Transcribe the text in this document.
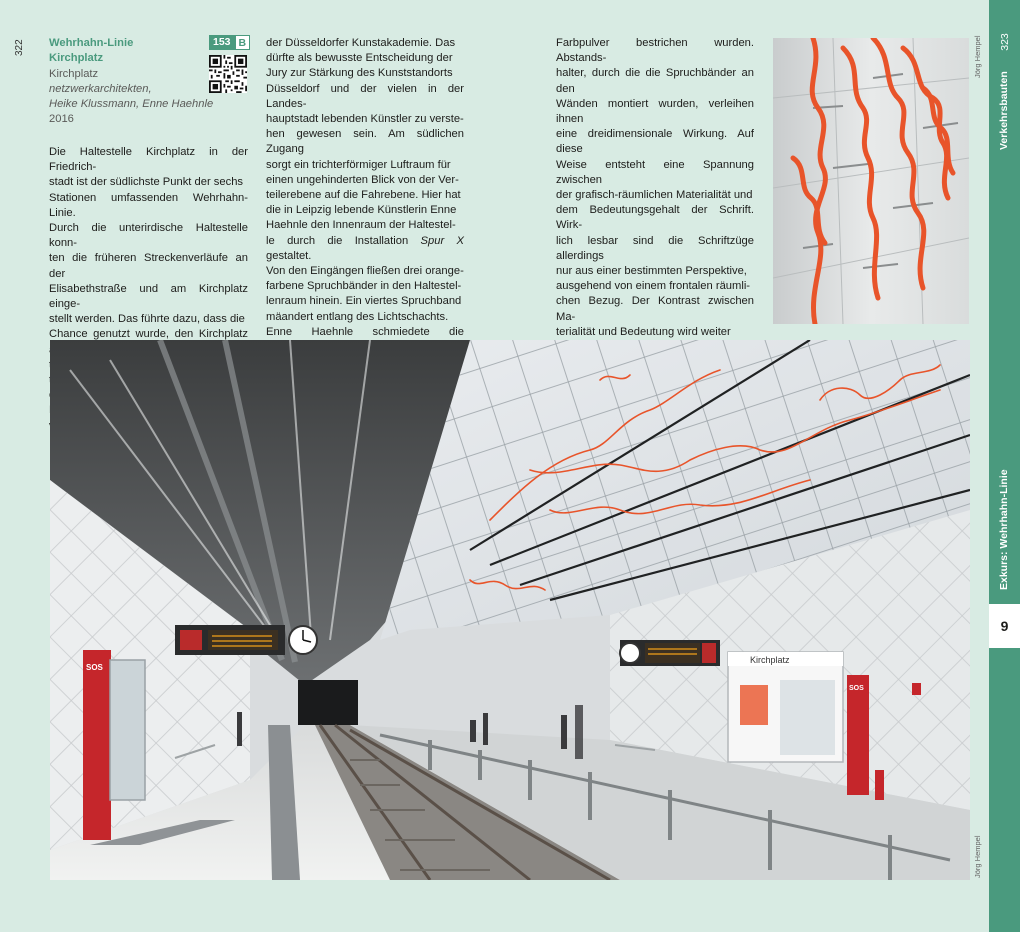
322 Wehrhahn-Linie
Kirchplatz
Kirchplatz
netzwerkarchitekten,
Heike Klussmann, Enne Haehnle
2016
153 B

Die Haltestelle Kirchplatz in der Friedrich-

stadt ist der südlichste Punkt der sechs

Stationen umfassenden Wehrhahn-Linie.

Durch die unterirdische Haltestelle konn-

ten die früheren Streckenverläufe an der

Elisabethstraße und am Kirchplatz einge-

stellt werden. Das führte dazu, dass die

Chance genutzt wurde, den Kirchplatz

der Düsseldorfer Kunstakademie. Das

dürfte als bewusste Entscheidung der

Jury zur Stärkung des Kunststandorts

Düsseldorf und der vielen in der Landes-

hauptstadt lebenden Künstler zu verste-

hen gewesen sein. Am südlichen Zugang

sorgt ein trichterförmiger Luftraum für

einen ungehinderten Blick von der Ver-

teilerebene auf die Fahrebene. Hier hat

die in Leipzig lebende Künstlerin Enne

Haehnle den Innenraum der Haltestel-

le durch die Installation Spur X gestaltet.

Von den Eingängen fließen drei orange-

farbene Spruchbänder in den Haltestel-

lenraum hinein. Ein viertes Spruchband

mäandert entlang des Lichtschachts.

Enne Haehnle schmiedete die

Farbpulver bestrichen wurden. Abstands-

halter, durch die die Spruchbänder an den

Wänden montiert wurden, verleihen ihnen

eine dreidimensionale Wirkung. Auf diese

Weise entsteht eine Spannung zwischen

der grafisch-räumlichen Materialität und

dem Bedeutungsgehalt der Schrift. Wirk-

lich lesbar sind die Schriftzüge allerdings

nur aus einer bestimmten Perspektive,

ausgehend von einem frontalen räumli-

chen Bezug. Der Kontrast zwischen Ma-

terialität und Bedeutung wird weiter

Jörg Hempel
Kirchplatz
SOS
SOS
Jörg Hempel
323
Verkehrsbauten
Exkurs: Wehrhahn-Linie
9
